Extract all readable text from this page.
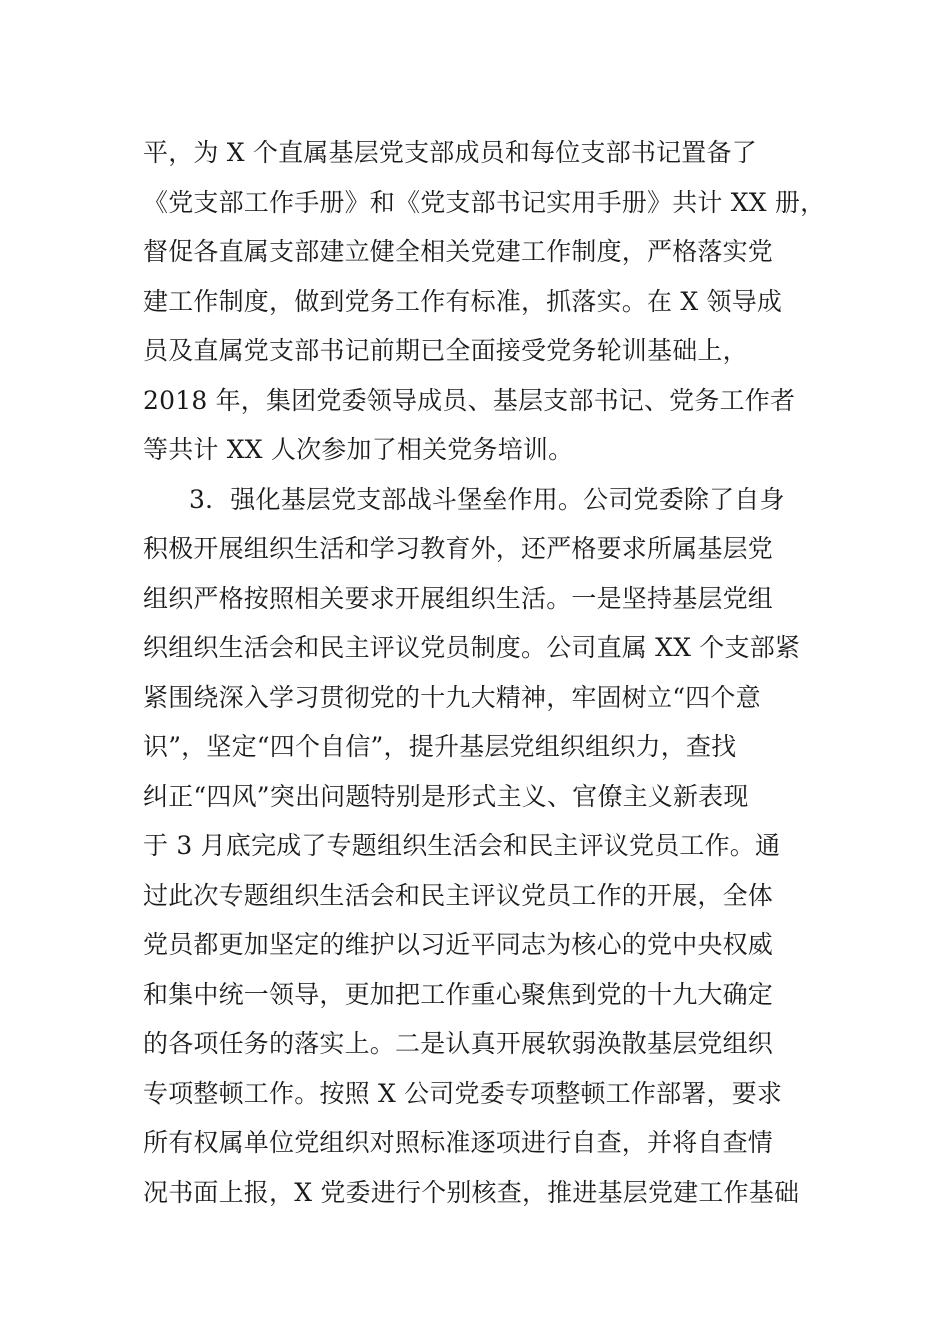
平，为 X 个直属基层党支部成员和每位支部书记置备了
《党支部工作手册》和《党支部书记实用手册》共计 XX 册，
督促各直属支部建立健全相关党建工作制度，严格落实党
建工作制度，做到党务工作有标准，抓落实。在 X 领导成
员及直属党支部书记前期已全面接受党务轮训基础上，
2018 年，集团党委领导成员、基层支部书记、党务工作者
等共计 XX 人次参加了相关党务培训。
3．强化基层党支部战斗堡垒作用。公司党委除了自身
积极开展组织生活和学习教育外，还严格要求所属基层党
组织严格按照相关要求开展组织生活。一是坚持基层党组
织组织生活会和民主评议党员制度。公司直属 XX 个支部紧
紧围绕深入学习贯彻党的十九大精神，牢固树立“四个意
识”，坚定“四个自信”，提升基层党组织组织力，查找
纠正“四风”突出问题特别是形式主义、官僚主义新表现
于 3 月底完成了专题组织生活会和民主评议党员工作。通
过此次专题组织生活会和民主评议党员工作的开展，全体
党员都更加坚定的维护以习近平同志为核心的党中央权威
和集中统一领导，更加把工作重心聚焦到党的十九大确定
的各项任务的落实上。二是认真开展软弱涣散基层党组织
专项整顿工作。按照 X 公司党委专项整顿工作部署，要求
所有权属单位党组织对照标准逐项进行自查，并将自查情
况书面上报，X 党委进行个别核查，推进基层党建工作基础
